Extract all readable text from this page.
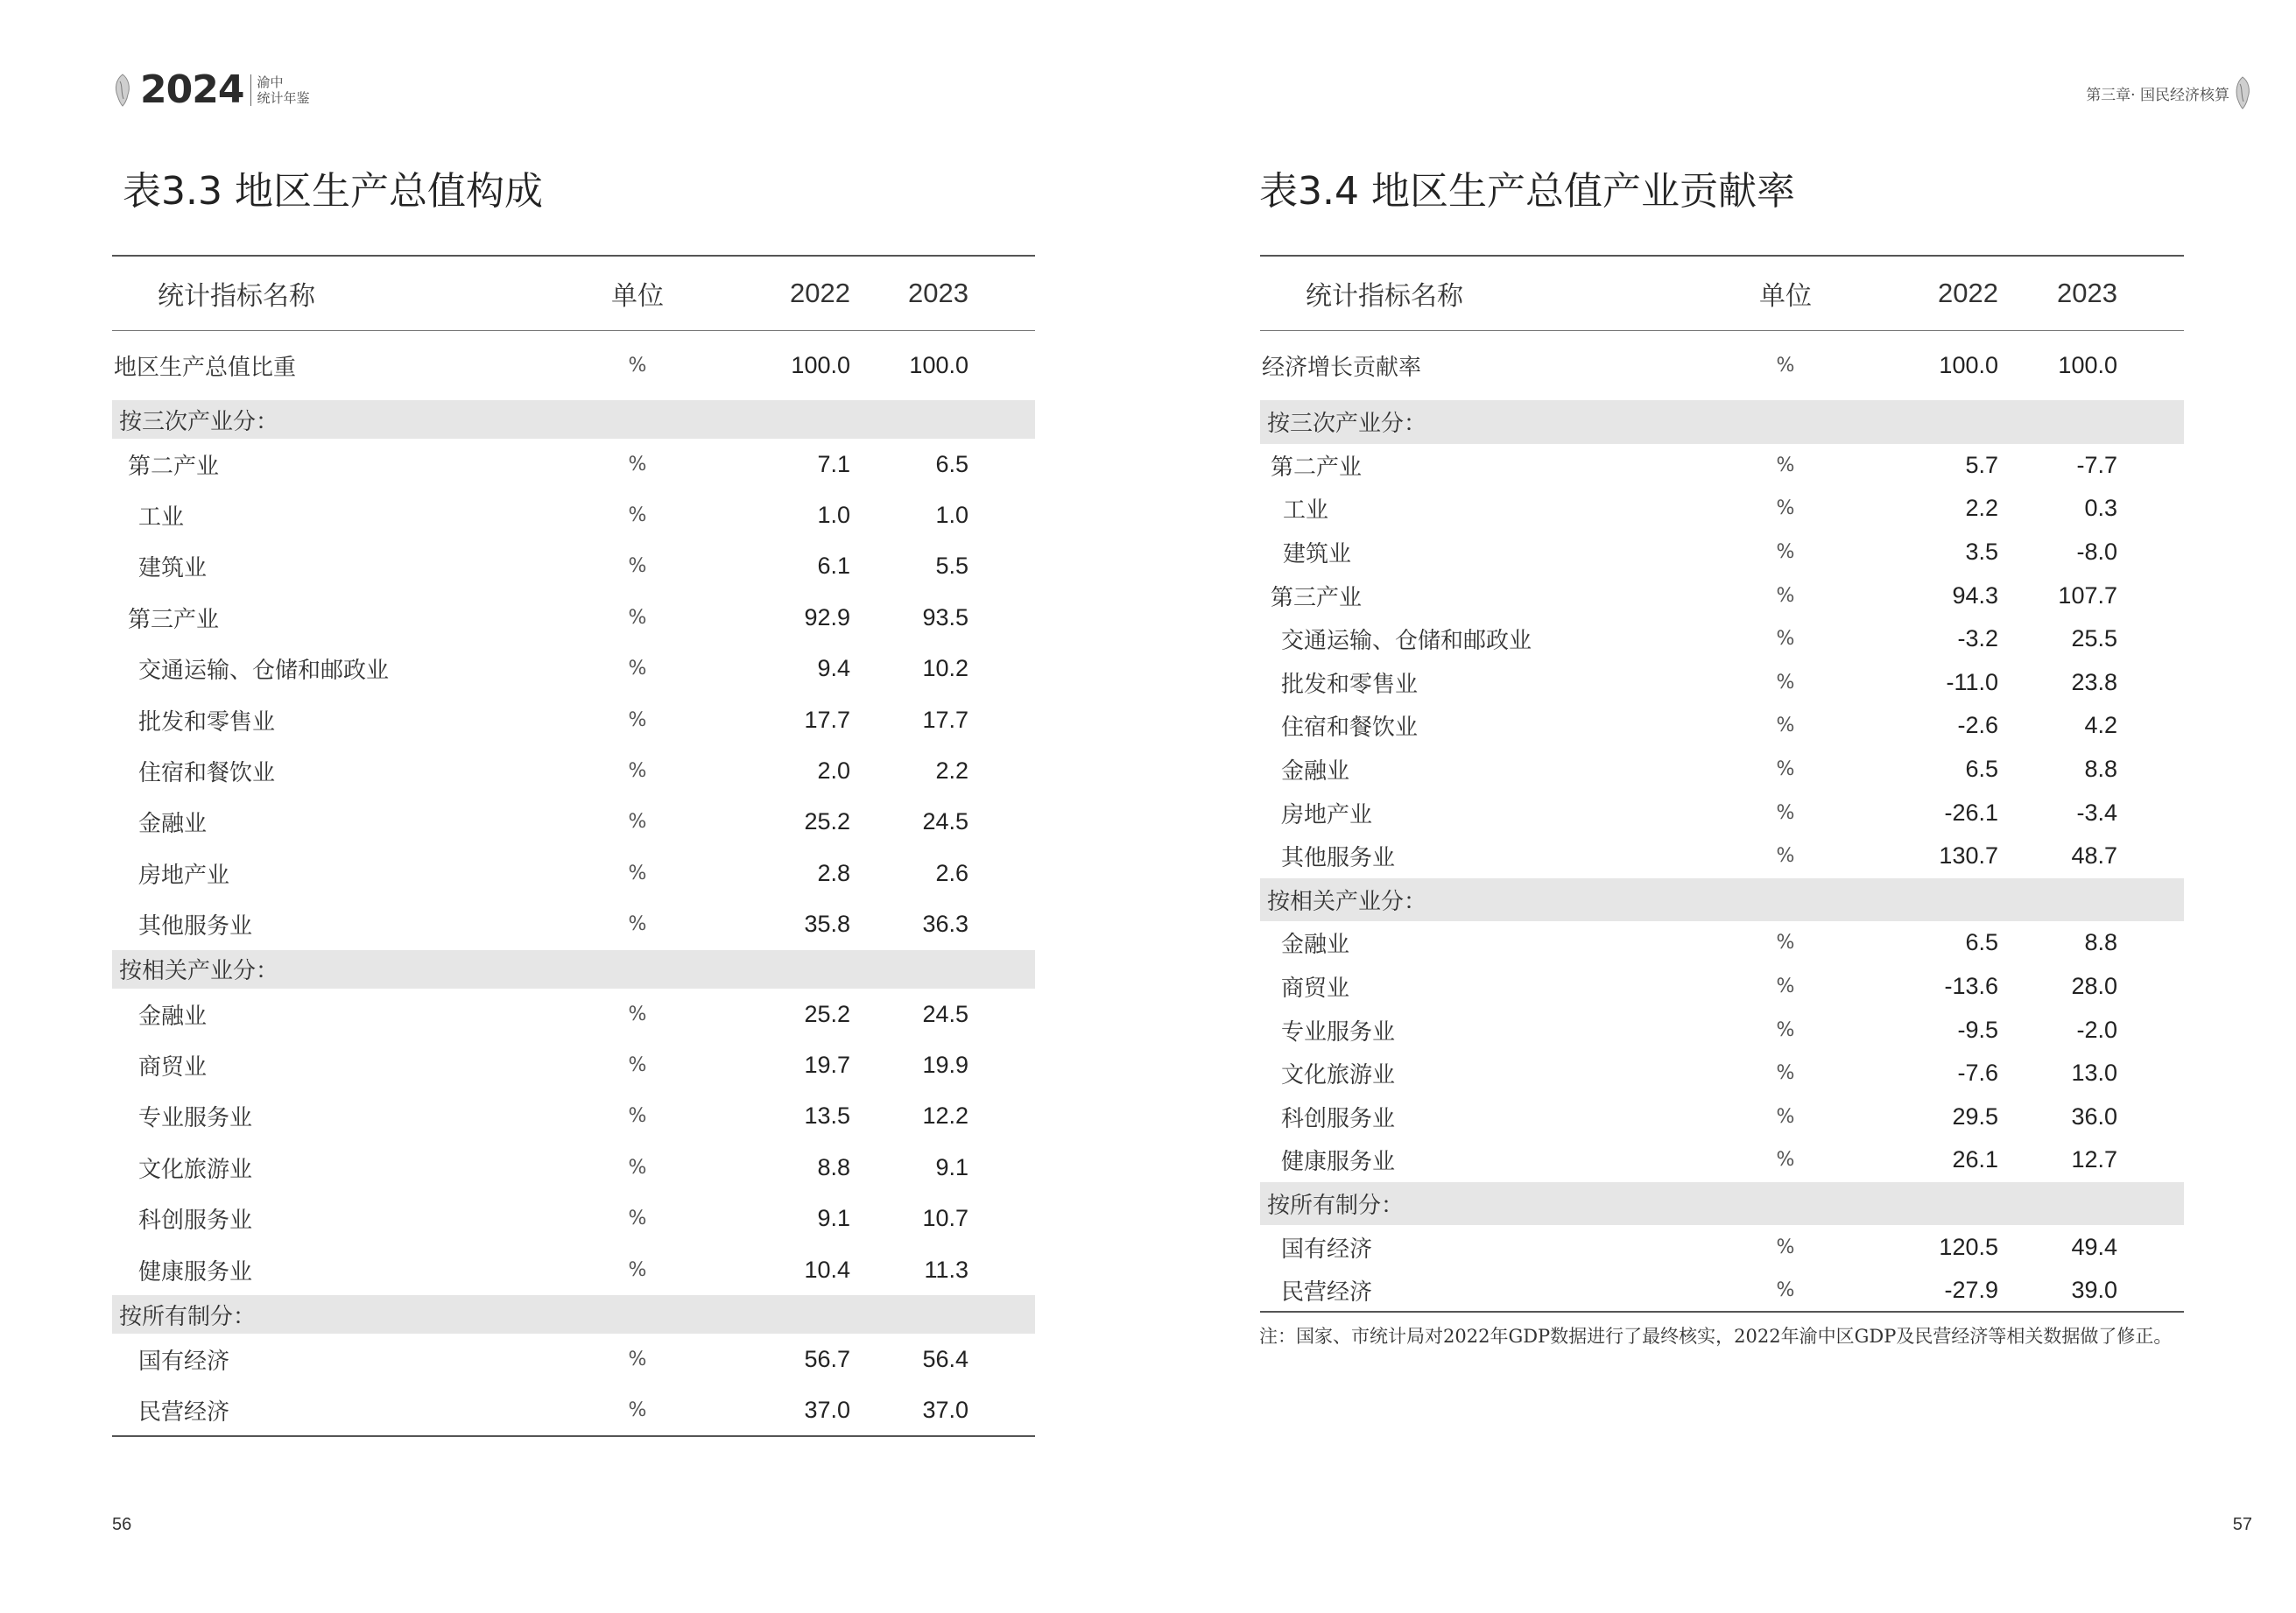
2024 渝中
统计年鉴
表3.3 地区生产总值构成
统计指标名称	单位	2022	2023
地区生产总值比重	%	100.0	100.0
按三次产业分：			
第二产业	%	7.1	6.5
工业	%	1.0	1.0
建筑业	%	6.1	5.5
第三产业	%	92.9	93.5
交通运输、仓储和邮政业	%	9.4	10.2
批发和零售业	%	17.7	17.7
住宿和餐饮业	%	2.0	2.2
金融业	%	25.2	24.5
房地产业	%	2.8	2.6
其他服务业	%	35.8	36.3
按相关产业分：			
金融业	%	25.2	24.5
商贸业	%	19.7	19.9
专业服务业	%	13.5	12.2
文化旅游业	%	8.8	9.1
科创服务业	%	9.1	10.7
健康服务业	%	10.4	11.3
按所有制分：			
国有经济	%	56.7	56.4
民营经济	%	37.0	37.0
56
第三章· 国民经济核算
表3.4 地区生产总值产业贡献率
统计指标名称	单位	2022	2023
经济增长贡献率	%	100.0	100.0
按三次产业分：			
第二产业	%	5.7	-7.7
工业	%	2.2	0.3
建筑业	%	3.5	-8.0
第三产业	%	94.3	107.7
交通运输、仓储和邮政业	%	-3.2	25.5
批发和零售业	%	-11.0	23.8
住宿和餐饮业	%	-2.6	4.2
金融业	%	6.5	8.8
房地产业	%	-26.1	-3.4
其他服务业	%	130.7	48.7
按相关产业分：			
金融业	%	6.5	8.8
商贸业	%	-13.6	28.0
专业服务业	%	-9.5	-2.0
文化旅游业	%	-7.6	13.0
科创服务业	%	29.5	36.0
健康服务业	%	26.1	12.7
按所有制分：			
国有经济	%	120.5	49.4
民营经济	%	-27.9	39.0

注：国家、市统计局对2022年GDP数据进行了最终核实，2022年渝中区GDP及民营经济等相关数据做了修正。

57
